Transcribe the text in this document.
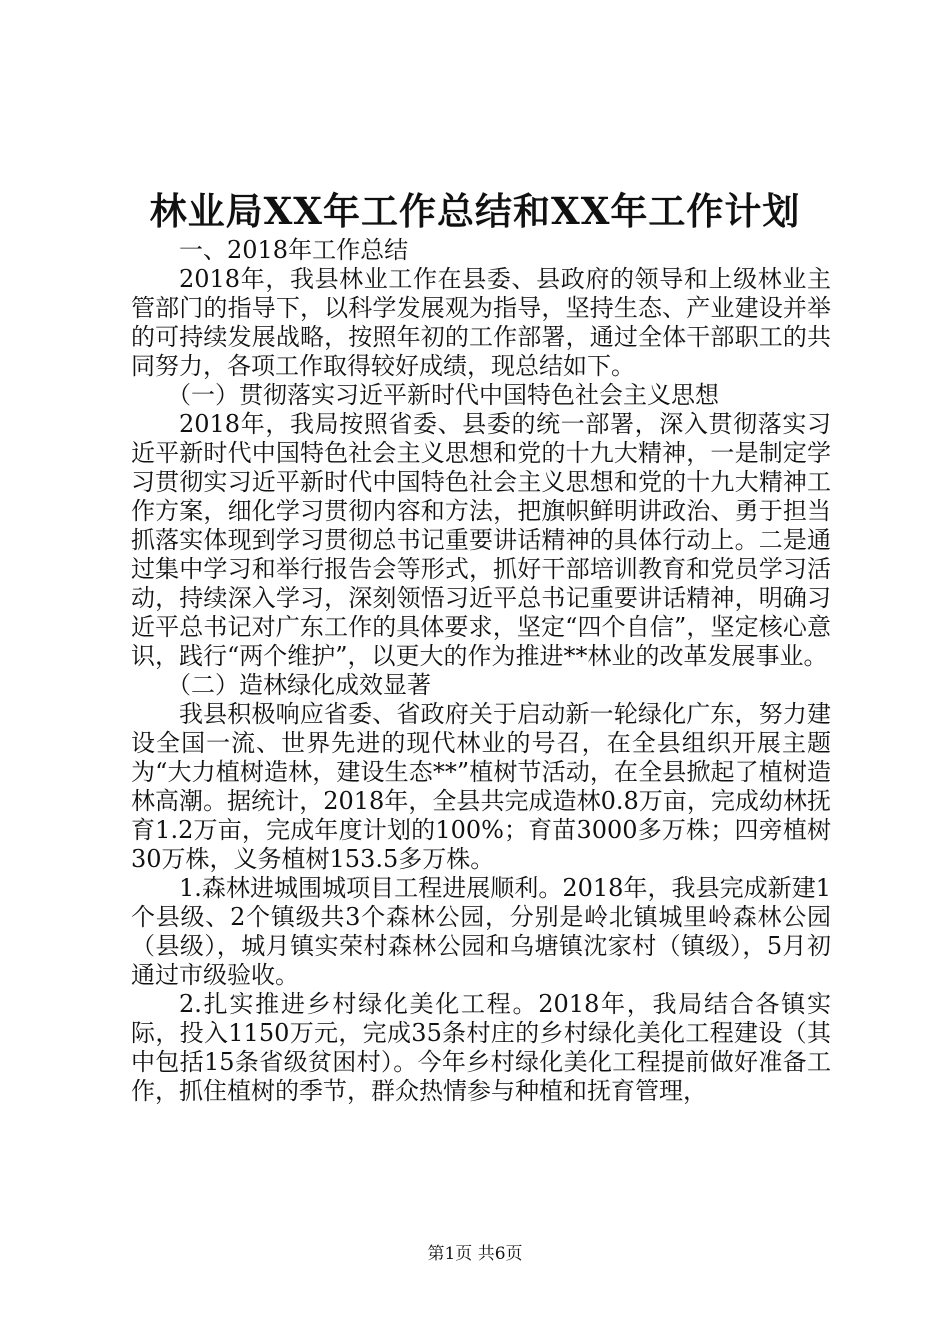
林业局XX年工作总结和XX年工作计划

一、2018年工作总结

2018年，我县林业工作在县委、县政府的领导和上级林业主管部门的指导下，以科学发展观为指导，坚持生态、产业建设并举的可持续发展战略，按照年初的工作部署，通过全体干部职工的共同努力，各项工作取得较好成绩，现总结如下。

（一）贯彻落实习近平新时代中国特色社会主义思想

2018年，我局按照省委、县委的统一部署，深入贯彻落实习近平新时代中国特色社会主义思想和党的十九大精神，一是制定学习贯彻实习近平新时代中国特色社会主义思想和党的十九大精神工作方案，细化学习贯彻内容和方法，把旗帜鲜明讲政治、勇于担当抓落实体现到学习贯彻总书记重要讲话精神的具体行动上。二是通过集中学习和举行报告会等形式，抓好干部培训教育和党员学习活动，持续深入学习，深刻领悟习近平总书记重要讲话精神，明确习近平总书记对广东工作的具体要求，坚定“四个自信”，坚定核心意识，践行“两个维护”，以更大的作为推进**林业的改革发展事业。

（二）造林绿化成效显著

我县积极响应省委、省政府关于启动新一轮绿化广东，努力建设全国一流、世界先进的现代林业的号召，在全县组织开展主题为“大力植树造林，建设生态**”植树节活动，在全县掀起了植树造林高潮。据统计，2018年，全县共完成造林0.8万亩，完成幼林抚育1.2万亩，完成年度计划的100%；育苗3000多万株；四旁植树30万株，义务植树153.5多万株。

1.森林进城围城项目工程进展顺利。2018年，我县完成新建1个县级、2个镇级共3个森林公园，分别是岭北镇城里岭森林公园（县级），城月镇实荣村森林公园和乌塘镇沈家村（镇级），5月初通过市级验收。

2.扎实推进乡村绿化美化工程。2018年，我局结合各镇实际，投入1150万元，完成35条村庄的乡村绿化美化工程建设（其中包括15条省级贫困村）。今年乡村绿化美化工程提前做好准备工作，抓住植树的季节，群众热情参与种植和抚育管理，

第1页 共6页
